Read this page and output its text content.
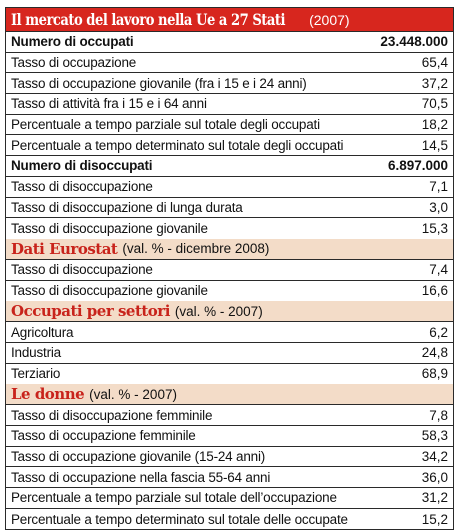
Il mercato del lavoro nella Ue a 27 Stati (2007)
Numero di occupati	23.448.000
Tasso di occupazione	65,4
Tasso di occupazione giovanile (fra i 15 e i 24 anni)	37,2
Tasso di attività fra i 15 e i 64 anni	70,5
Percentuale a tempo parziale sul totale degli occupati	18,2
Percentuale a tempo determinato sul totale degli occupati	14,5
Numero di disoccupati	6.897.000
Tasso di disoccupazione	7,1
Tasso di disoccupazione di lunga durata	3,0
Tasso di disoccupazione giovanile	15,3
Dati Eurostat (val. % - dicembre 2008)
Tasso di disoccupazione	7,4
Tasso di disoccupazione giovanile	16,6
Occupati per settori (val. % - 2007)
Agricoltura	6,2
Industria	24,8
Terziario	68,9
Le donne (val. % - 2007)
Tasso di disoccupazione femminile	7,8
Tasso di occupazione femminile	58,3
Tasso di occupazione giovanile (15-24 anni)	34,2
Tasso di occupazione nella fascia 55-64 anni	36,0
Percentuale a tempo parziale sul totale dell’occupazione	31,2
Percentuale a tempo determinato sul totale delle occupate	15,2
